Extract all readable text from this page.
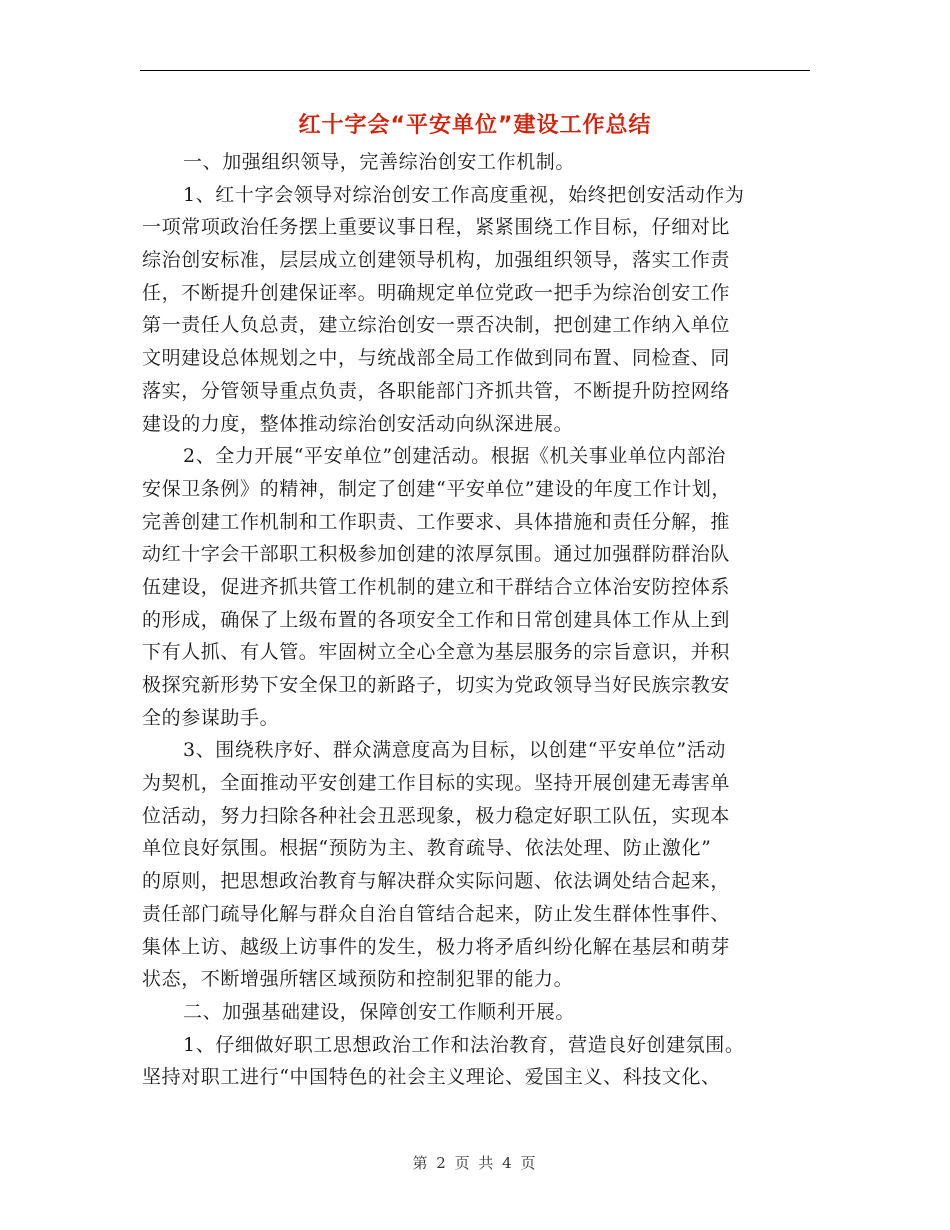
红十字会“平安单位”建设工作总结
一、加强组织领导，完善综治创安工作机制。
1、红十字会领导对综治创安工作高度重视，始终把创安活动作为
一项常项政治任务摆上重要议事日程，紧紧围绕工作目标，仔细对比
综治创安标准，层层成立创建领导机构，加强组织领导，落实工作责
任，不断提升创建保证率。明确规定单位党政一把手为综治创安工作
第一责任人负总责，建立综治创安一票否决制，把创建工作纳入单位
文明建设总体规划之中，与统战部全局工作做到同布置、同检查、同
落实，分管领导重点负责，各职能部门齐抓共管，不断提升防控网络
建设的力度，整体推动综治创安活动向纵深进展。
2、全力开展“平安单位”创建活动。根据《机关事业单位内部治
安保卫条例》的精神，制定了创建“平安单位”建设的年度工作计划，
完善创建工作机制和工作职责、工作要求、具体措施和责任分解，推
动红十字会干部职工积极参加创建的浓厚氛围。通过加强群防群治队
伍建设，促进齐抓共管工作机制的建立和干群结合立体治安防控体系
的形成，确保了上级布置的各项安全工作和日常创建具体工作从上到
下有人抓、有人管。牢固树立全心全意为基层服务的宗旨意识，并积
极探究新形势下安全保卫的新路子，切实为党政领导当好民族宗教安
全的参谋助手。
3、围绕秩序好、群众满意度高为目标，以创建“平安单位”活动
为契机，全面推动平安创建工作目标的实现。坚持开展创建无毒害单
位活动，努力扫除各种社会丑恶现象，极力稳定好职工队伍，实现本
单位良好氛围。根据“预防为主、教育疏导、依法处理、防止激化”
的原则，把思想政治教育与解决群众实际问题、依法调处结合起来，
责任部门疏导化解与群众自治自管结合起来，防止发生群体性事件、
集体上访、越级上访事件的发生，极力将矛盾纠纷化解在基层和萌芽
状态，不断增强所辖区域预防和控制犯罪的能力。
二、加强基础建设，保障创安工作顺利开展。
1、仔细做好职工思想政治工作和法治教育，营造良好创建氛围。
坚持对职工进行“中国特色的社会主义理论、爱国主义、科技文化、
第 2 页 共 4 页
